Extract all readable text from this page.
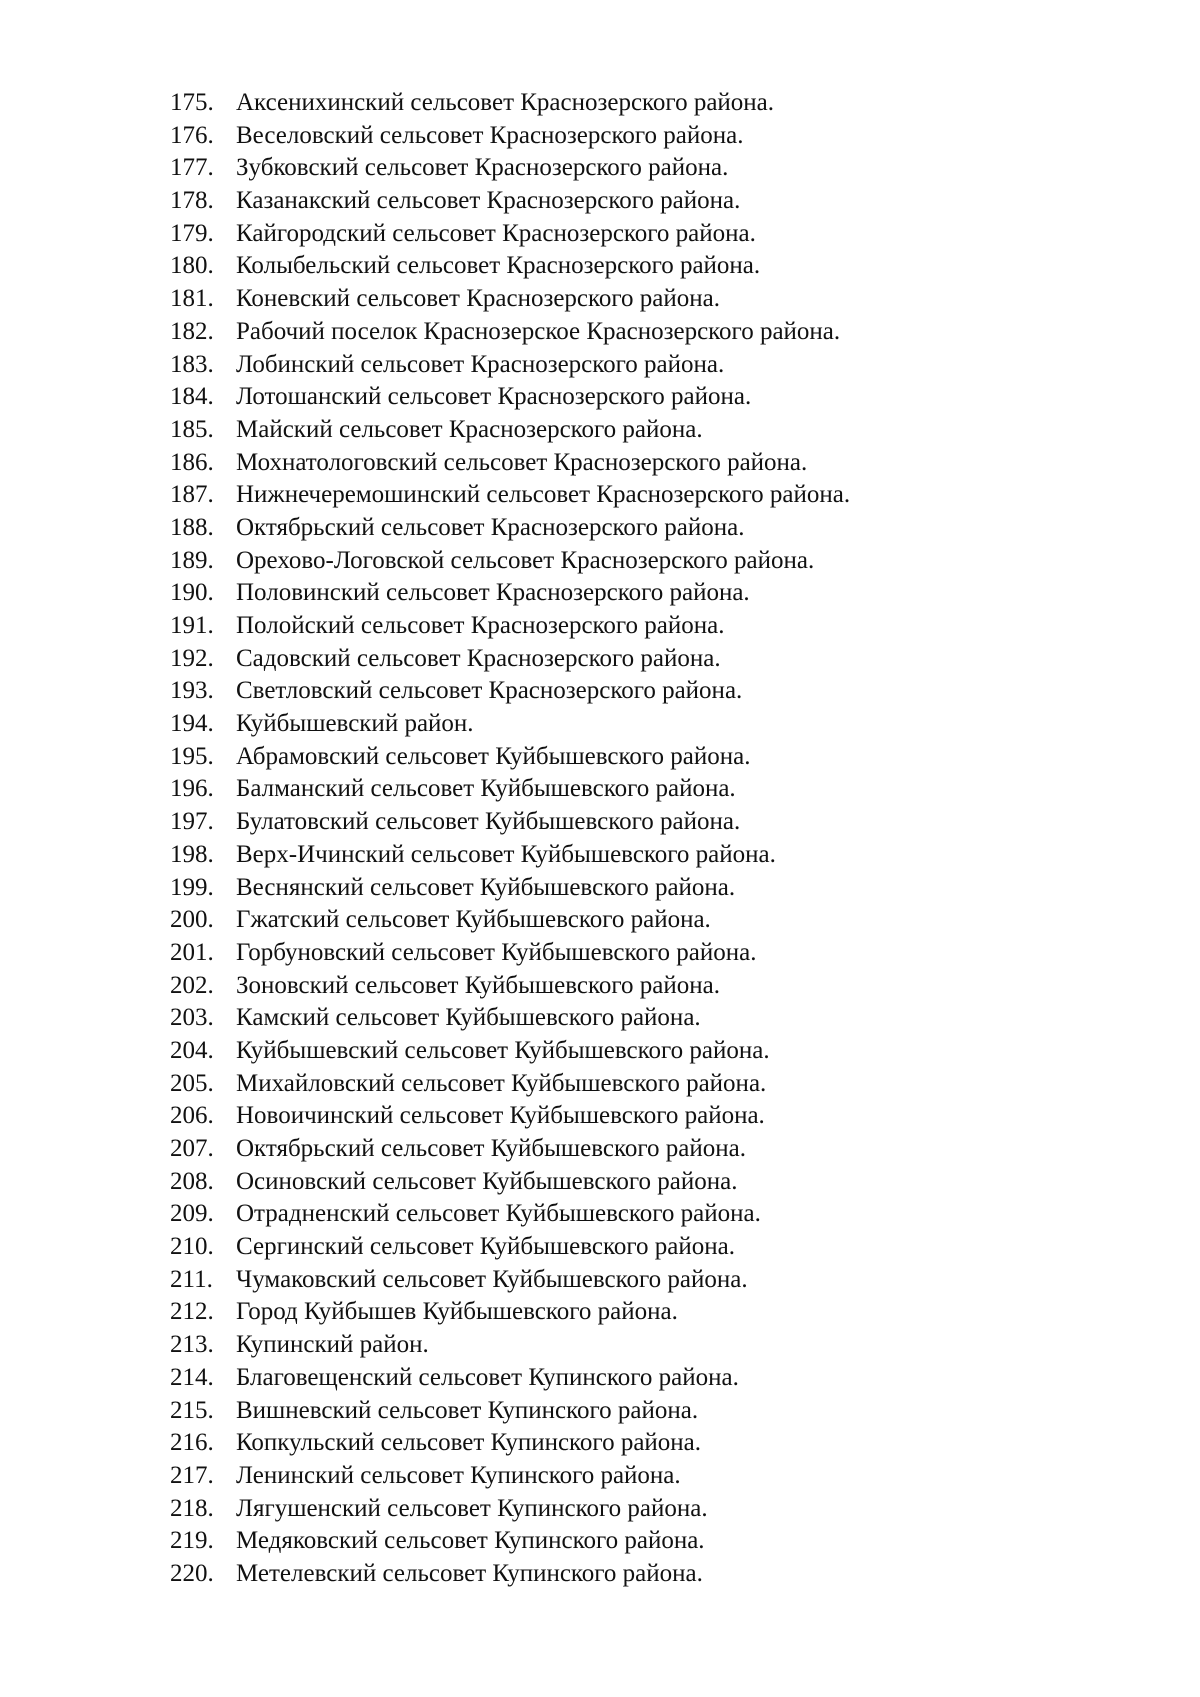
175. Аксенихинский сельсовет Краснозерского района.
176. Веселовский сельсовет Краснозерского района.
177. Зубковский сельсовет Краснозерского района.
178. Казанакский сельсовет Краснозерского района.
179. Кайгородский сельсовет Краснозерского района.
180. Колыбельский сельсовет Краснозерского района.
181. Коневский сельсовет Краснозерского района.
182. Рабочий поселок Краснозерское Краснозерского района.
183. Лобинский сельсовет Краснозерского района.
184. Лотошанский сельсовет Краснозерского района.
185. Майский сельсовет Краснозерского района.
186. Мохнатологовский сельсовет Краснозерского района.
187. Нижнечеремошинский сельсовет Краснозерского района.
188. Октябрьский сельсовет Краснозерского района.
189. Орехово-Логовской сельсовет Краснозерского района.
190. Половинский сельсовет Краснозерского района.
191. Полойский сельсовет Краснозерского района.
192. Садовский сельсовет Краснозерского района.
193. Светловский сельсовет Краснозерского района.
194. Куйбышевский район.
195. Абрамовский сельсовет Куйбышевского района.
196. Балманский сельсовет Куйбышевского района.
197. Булатовский сельсовет Куйбышевского района.
198. Верх-Ичинский сельсовет Куйбышевского района.
199. Веснянский сельсовет Куйбышевского района.
200. Гжатский сельсовет Куйбышевского района.
201. Горбуновский сельсовет Куйбышевского района.
202. Зоновский сельсовет Куйбышевского района.
203. Камский сельсовет Куйбышевского района.
204. Куйбышевский сельсовет Куйбышевского района.
205. Михайловский сельсовет Куйбышевского района.
206. Новоичинский сельсовет Куйбышевского района.
207. Октябрьский сельсовет Куйбышевского района.
208. Осиновский сельсовет Куйбышевского района.
209. Отрадненский сельсовет Куйбышевского района.
210. Сергинский сельсовет Куйбышевского района.
211. Чумаковский сельсовет Куйбышевского района.
212. Город Куйбышев Куйбышевского района.
213. Купинский район.
214. Благовещенский сельсовет Купинского района.
215. Вишневский сельсовет Купинского района.
216. Копкульский сельсовет Купинского района.
217. Ленинский сельсовет Купинского района.
218. Лягушенский сельсовет Купинского района.
219. Медяковский сельсовет Купинского района.
220. Метелевский сельсовет Купинского района.
